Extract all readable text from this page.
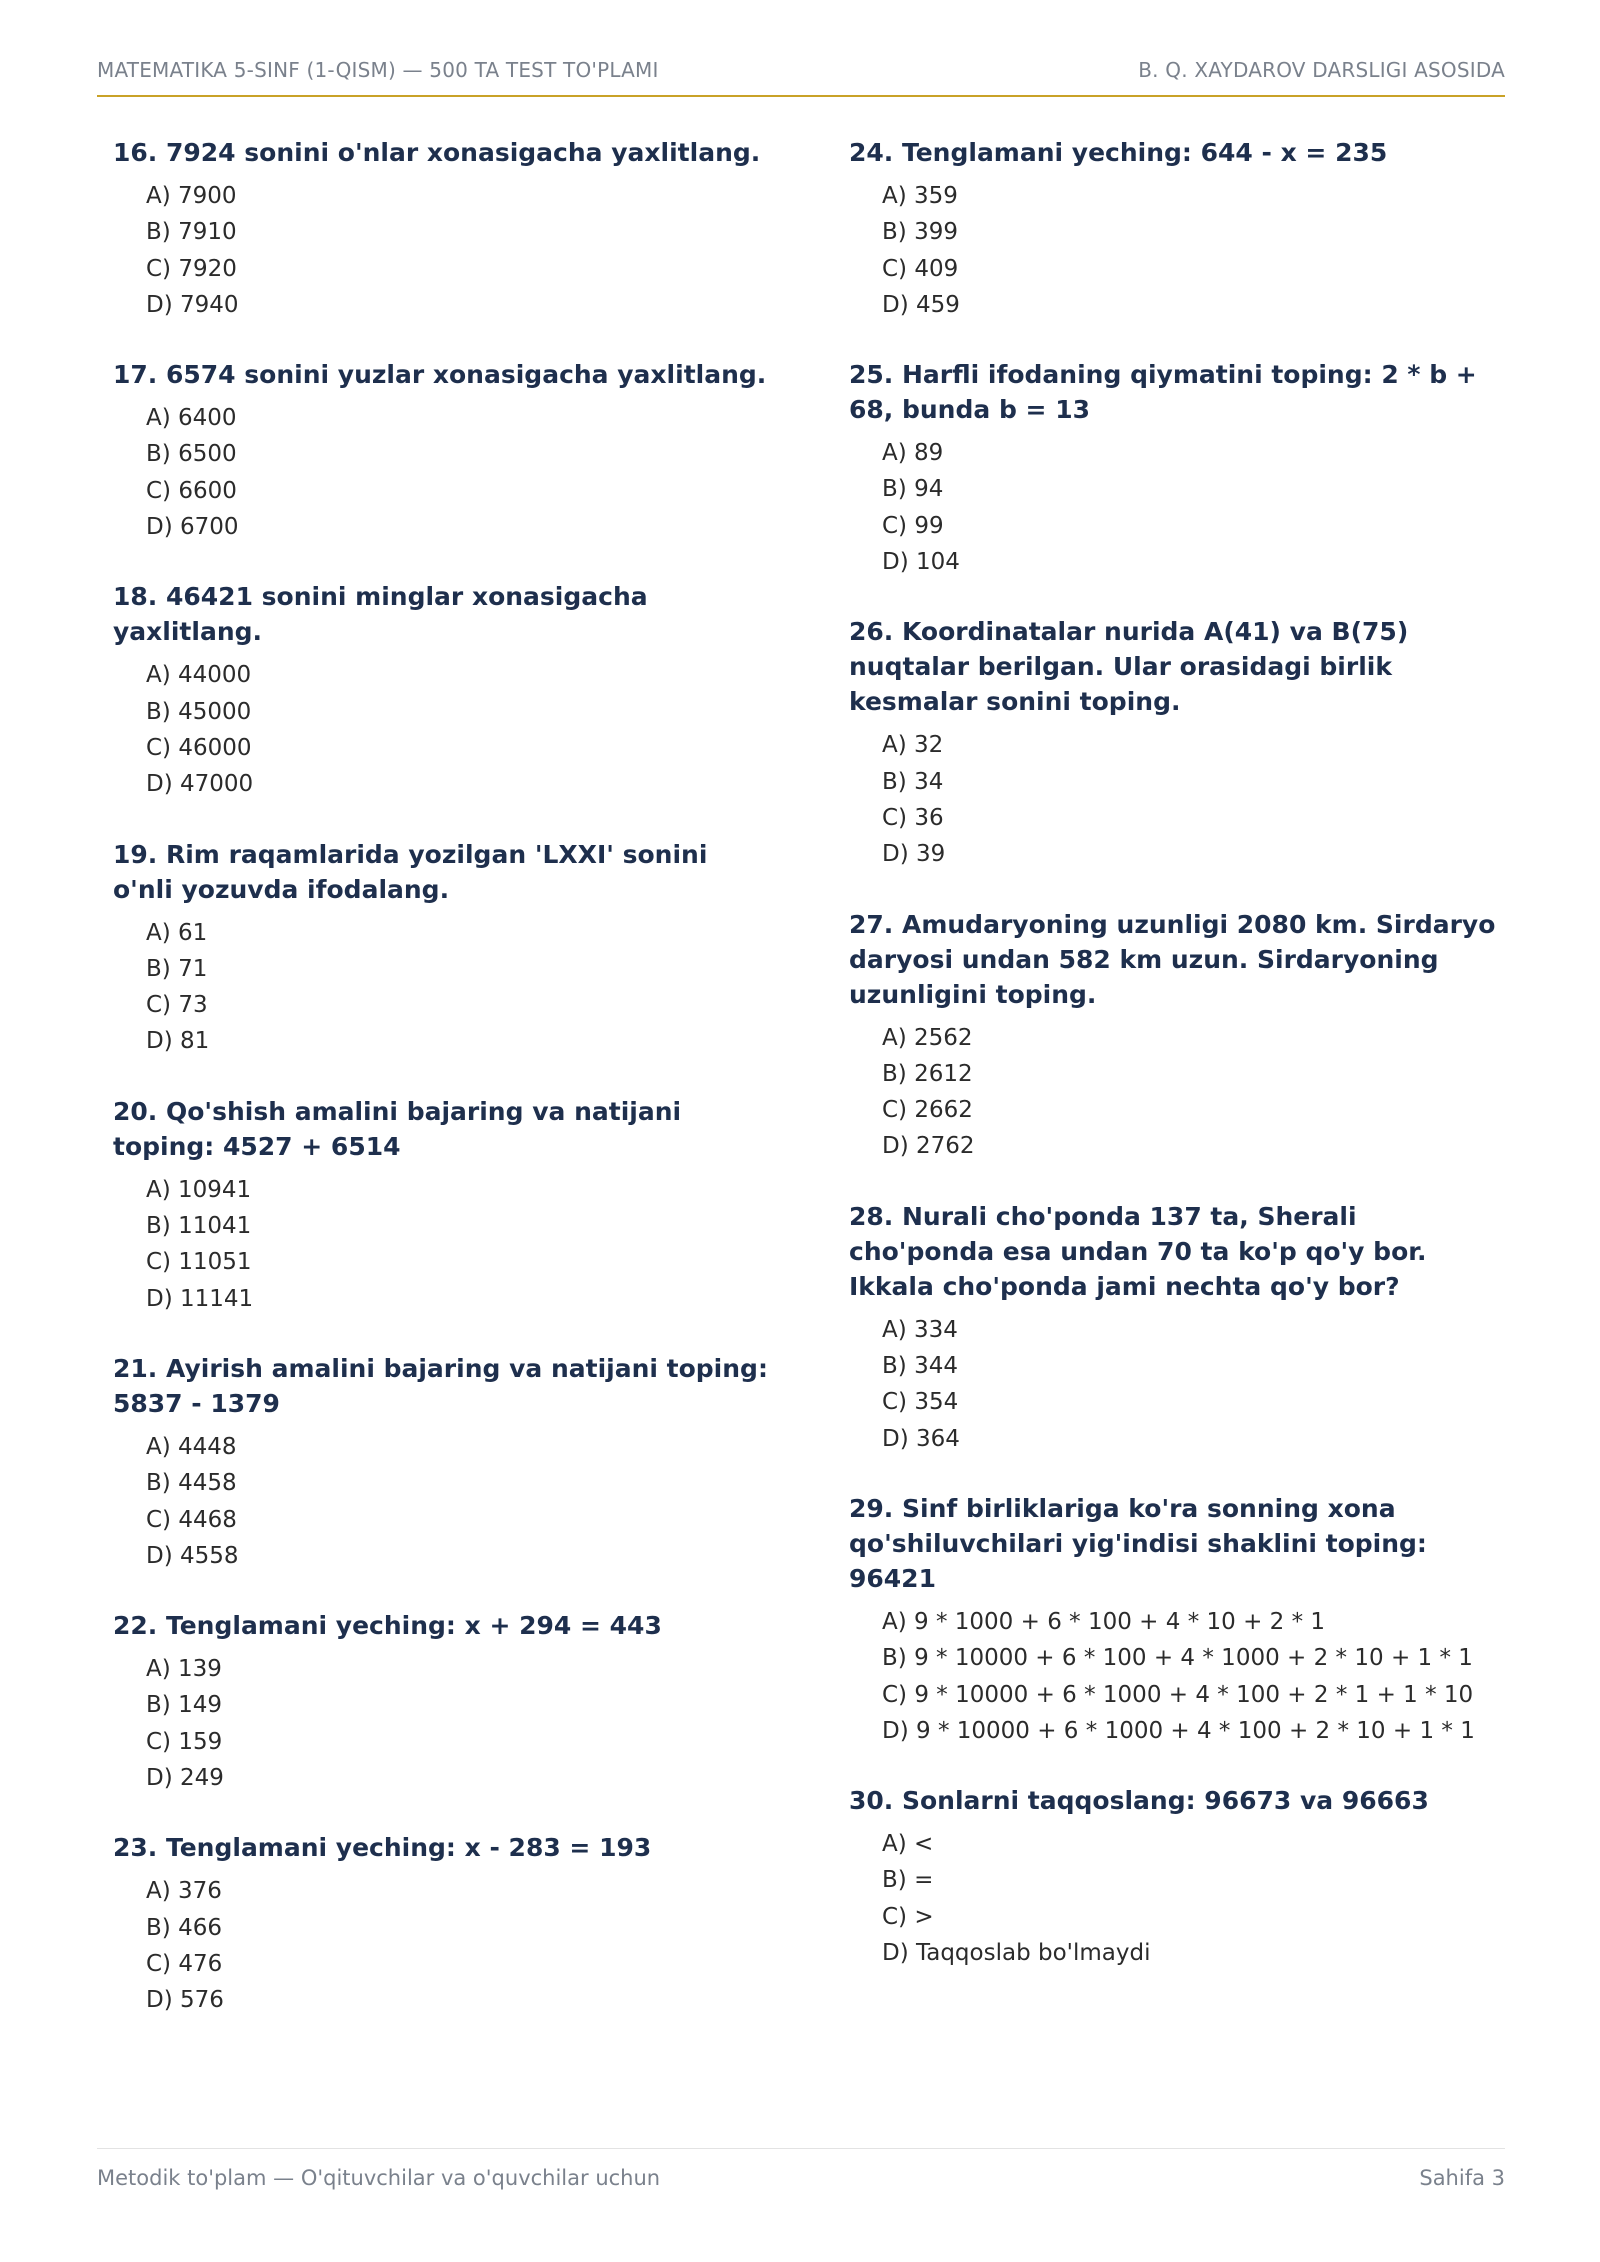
MATEMATIKA 5-SINF (1-QISM) — 500 TA TEST TO'PLAMI	B. Q. XAYDAROV DARSLIGI ASOSIDA
16. 7924 sonini o'nlar xonasigacha yaxlitlang.
A) 7900
B) 7910
C) 7920
D) 7940
17. 6574 sonini yuzlar xonasigacha yaxlitlang.
A) 6400
B) 6500
C) 6600
D) 6700
18. 46421 sonini minglar xonasigacha yaxlitlang.
A) 44000
B) 45000
C) 46000
D) 47000
19. Rim raqamlarida yozilgan 'LXXI' sonini o'nli yozuvda ifodalang.
A) 61
B) 71
C) 73
D) 81
20. Qo'shish amalini bajaring va natijani toping: 4527 + 6514
A) 10941
B) 11041
C) 11051
D) 11141
21. Ayirish amalini bajaring va natijani toping: 5837 - 1379
A) 4448
B) 4458
C) 4468
D) 4558
22. Tenglamani yeching: x + 294 = 443
A) 139
B) 149
C) 159
D) 249
23. Tenglamani yeching: x - 283 = 193
A) 376
B) 466
C) 476
D) 576
24. Tenglamani yeching: 644 - x = 235
A) 359
B) 399
C) 409
D) 459
25. Harfli ifodaning qiymatini toping: 2 * b + 68, bunda b = 13
A) 89
B) 94
C) 99
D) 104
26. Koordinatalar nurida A(41) va B(75) nuqtalar berilgan. Ular orasidagi birlik kesmalar sonini toping.
A) 32
B) 34
C) 36
D) 39
27. Amudaryoning uzunligi 2080 km. Sirdaryo daryosi undan 582 km uzun. Sirdaryoning uzunligini toping.
A) 2562
B) 2612
C) 2662
D) 2762
28. Nurali cho'ponda 137 ta, Sherali cho'ponda esa undan 70 ta ko'p qo'y bor. Ikkala cho'ponda jami nechta qo'y bor?
A) 334
B) 344
C) 354
D) 364
29. Sinf birliklariga ko'ra sonning xona qo'shiluvchilari yig'indisi shaklini toping: 96421
A) 9 * 1000 + 6 * 100 + 4 * 10 + 2 * 1
B) 9 * 10000 + 6 * 100 + 4 * 1000 + 2 * 10 + 1 * 1
C) 9 * 10000 + 6 * 1000 + 4 * 100 + 2 * 1 + 1 * 10
D) 9 * 10000 + 6 * 1000 + 4 * 100 + 2 * 10 + 1 * 1
30. Sonlarni taqqoslang: 96673 va 96663
A) <
B) =
C) >
D) Taqqoslab bo'lmaydi
Metodik to'plam — O'qituvchilar va o'quvchilar uchun	Sahifa 3
